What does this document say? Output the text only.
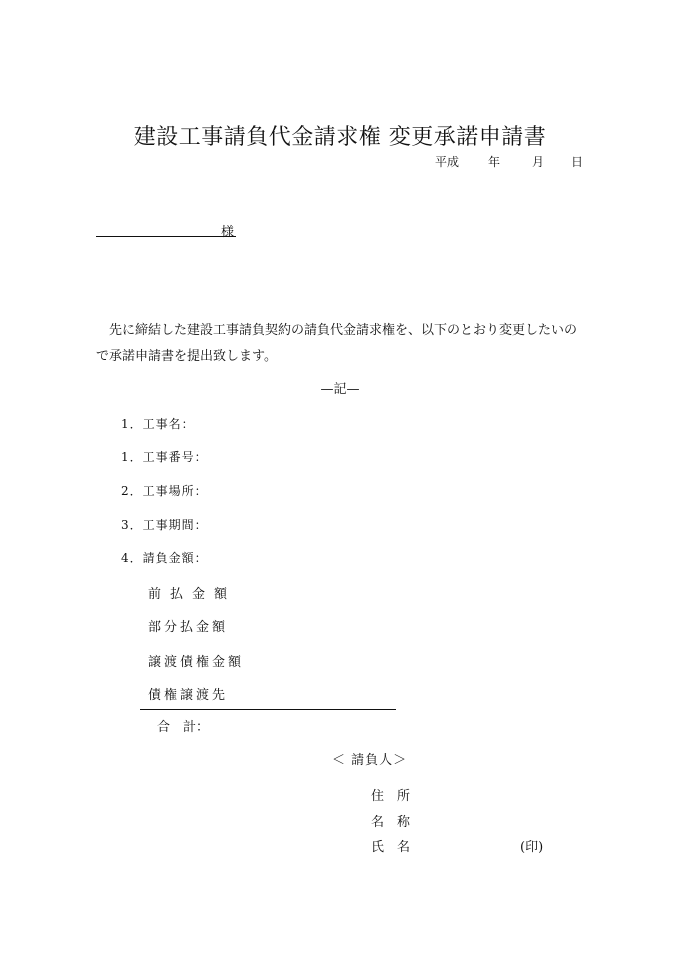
建設工事請負代金請求権 変更承諾申請書
平成 年	月 日
様
先に締結した建設工事請負契約の請負代金請求権を、以下のとおり変更したいので承諾申請書を提出致します。
—記—
1．工事名：
1．工事番号：
2．工事場所：
3．工事期間：
4．請負金額：
前払金額
部分払金額
譲渡債権金額
債権譲渡先
合　計：
＜ 請負人＞
住　所
名　称
氏　名	(印)
